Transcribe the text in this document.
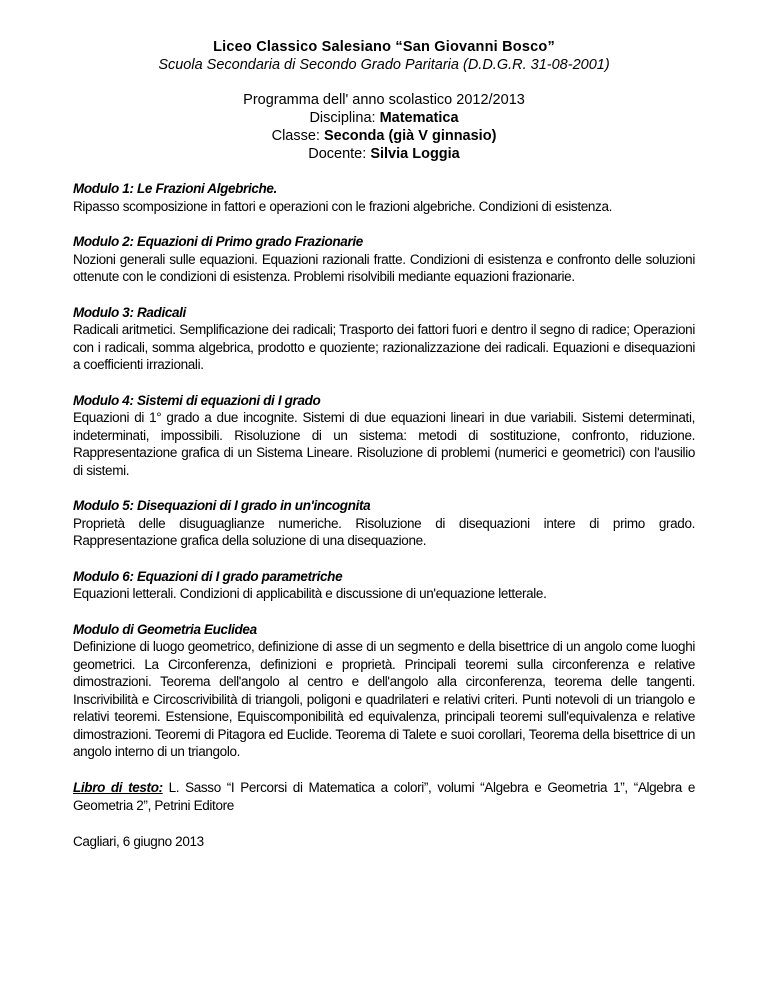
Liceo Classico Salesiano “San Giovanni Bosco”
Scuola Secondaria di Secondo Grado Paritaria (D.D.G.R. 31-08-2001)
Programma dell' anno scolastico 2012/2013
Disciplina: Matematica
Classe: Seconda (già V ginnasio)
Docente: Silvia Loggia
Modulo 1: Le Frazioni Algebriche.
Ripasso scomposizione in fattori e operazioni con le frazioni algebriche. Condizioni di esistenza.
Modulo 2: Equazioni di Primo grado Frazionarie
Nozioni generali sulle equazioni. Equazioni razionali fratte. Condizioni di esistenza e confronto delle soluzioni ottenute con le condizioni di esistenza. Problemi risolvibili mediante equazioni frazionarie.
Modulo 3: Radicali
Radicali aritmetici. Semplificazione dei radicali; Trasporto dei fattori fuori e dentro il segno di radice; Operazioni con i radicali, somma algebrica, prodotto e quoziente; razionalizzazione dei radicali. Equazioni e disequazioni a coefficienti irrazionali.
Modulo 4: Sistemi di equazioni di I grado
Equazioni di 1° grado a due incognite. Sistemi di due equazioni lineari in due variabili. Sistemi determinati, indeterminati, impossibili. Risoluzione di un sistema: metodi di sostituzione, confronto, riduzione. Rappresentazione grafica di un Sistema Lineare. Risoluzione di problemi (numerici e geometrici) con l'ausilio di sistemi.
Modulo 5: Disequazioni di I grado in un'incognita
Proprietà delle disuguaglianze numeriche. Risoluzione di disequazioni intere di primo grado. Rappresentazione grafica della soluzione di una disequazione.
Modulo 6: Equazioni di I grado parametriche
Equazioni letterali. Condizioni di applicabilità e discussione di un'equazione letterale.
Modulo di Geometria Euclidea
Definizione di luogo geometrico, definizione di asse di un segmento e della bisettrice di un angolo come luoghi geometrici. La Circonferenza, definizioni e proprietà. Principali teoremi sulla circonferenza e relative dimostrazioni. Teorema dell'angolo al centro e dell'angolo alla circonferenza, teorema delle tangenti. Inscrivibilità e Circoscrivibilità di triangoli, poligoni e quadrilateri e relativi criteri. Punti notevoli di un triangolo e relativi teoremi. Estensione, Equiscomponibilità ed equivalenza, principali teoremi sull'equivalenza e relative dimostrazioni. Teoremi di Pitagora ed Euclide. Teorema di Talete e suoi corollari, Teorema della bisettrice di un angolo interno di un triangolo.
Libro di testo: L. Sasso “I Percorsi di Matematica a colori”, volumi “Algebra e Geometria 1”, “Algebra e Geometria 2”, Petrini Editore
Cagliari, 6 giugno 2013
